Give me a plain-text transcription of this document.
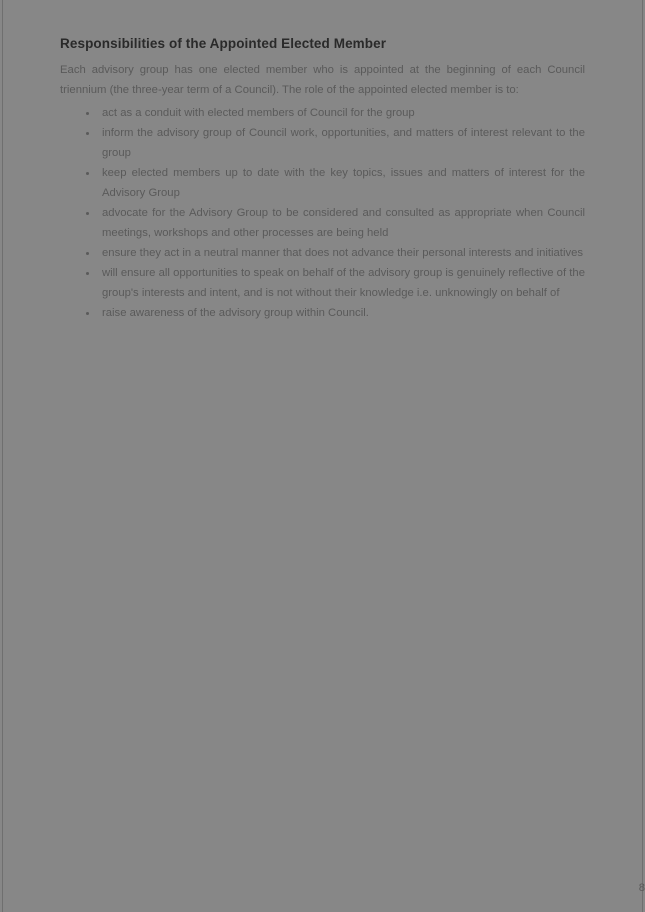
Responsibilities of the Appointed Elected Member

Each advisory group has one elected member who is appointed at the beginning of each Council triennium (the three-year term of a Council). The role of the appointed elected member is to:

act as a conduit with elected members of Council for the group
inform the advisory group of Council work, opportunities, and matters of interest relevant to the group
keep elected members up to date with the key topics, issues and matters of interest for the Advisory Group
advocate for the Advisory Group to be considered and consulted as appropriate when Council meetings, workshops and other processes are being held
ensure they act in a neutral manner that does not advance their personal interests and initiatives
will ensure all opportunities to speak on behalf of the advisory group is genuinely reflective of the group's interests and intent, and is not without their knowledge i.e. unknowingly on behalf of
raise awareness of the advisory group within Council.
8
